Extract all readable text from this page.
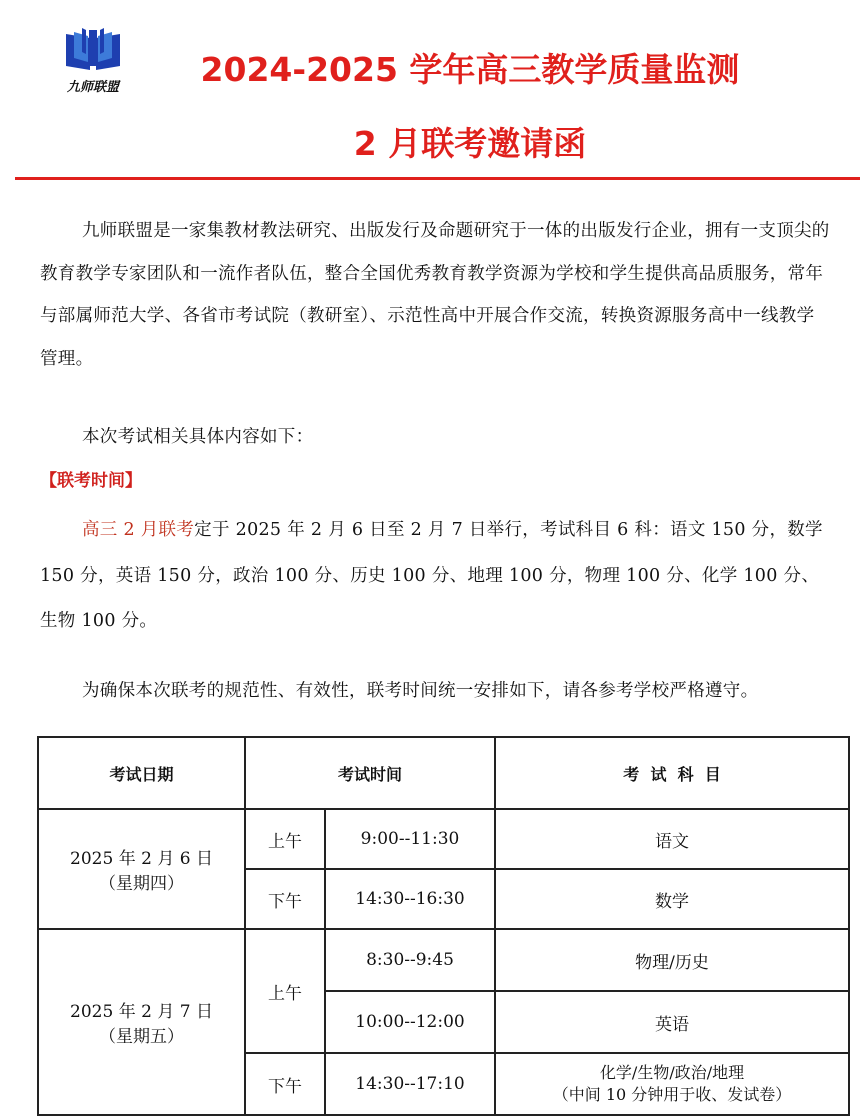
九师联盟	2024-2025 学年高三教学质量监测
2 月联考邀请函

九师联盟是一家集教材教法研究、出版发行及命题研究于一体的出版发行企业，拥有一支顶尖的教育教学专家团队和一流作者队伍，整合全国优秀教育教学资源为学校和学生提供高品质服务，常年与部属师范大学、各省市考试院（教研室）、示范性高中开展合作交流，转换资源服务高中一线教学管理。

本次考试相关具体内容如下：

【联考时间】

高三 2 月联考定于 2025 年 2 月 6 日至 2 月 7 日举行，考试科目 6 科：语文 150 分，数学 150 分，英语 150 分，政治 100 分、历史 100 分、地理 100 分，物理 100 分、化学 100 分、生物 100 分。

为确保本次联考的规范性、有效性，联考时间统一安排如下，请各参考学校严格遵守。

考试日期	考试时间		考  试  科  目

2025 年 2 月 6 日
（星期四）	上午	9:00--11:30	语文
	下午	14:30--16:30	数学

2025 年 2 月 7 日
（星期五）	上午	8:30--9:45	物理/历史
		10:00--12:00	英语
	下午	14:30--17:10	化学/生物/政治/地理
（中间 10 分钟用于收、发试卷）
